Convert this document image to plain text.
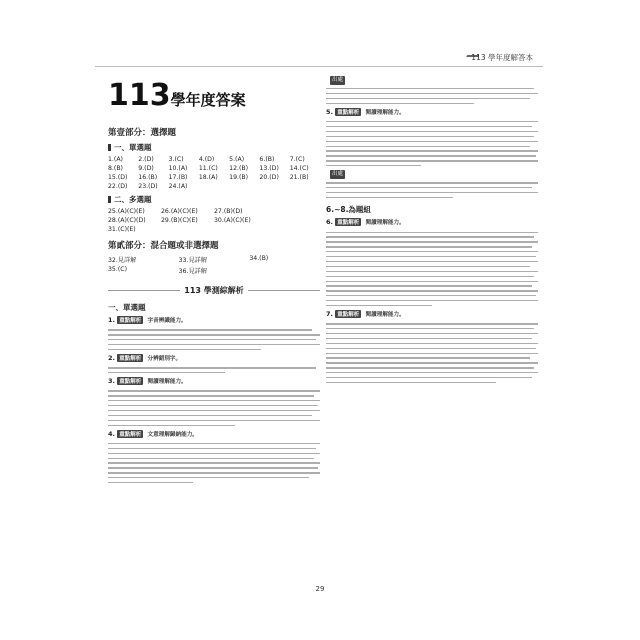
113 學年度解答本
113學年度答案
第壹部分：選擇題
一、單選題
1.(A)	2.(D)	3.(C)	4.(D)	5.(A)	6.(B)	7.(C)
8.(B)	9.(D)	10.(A)	11.(C)	12.(B)	13.(D)	14.(C)
15.(D)	16.(B)	17.(B)	18.(A)	19.(B)	20.(D)	21.(B)
22.(D)	23.(D)	24.(A)
二、多選題
25.(A)(C)(E)	26.(A)(C)(E)	27.(B)(D)
28.(A)(C)(D)	29.(B)(C)(E)	30.(A)(C)(E)
31.(C)(E)
第貳部分：混合題或非選擇題
32.見詳解	33.見詳解	34.(B)
35.(C)	36.見詳解
113 學測綜解析
一、單選題
1. 重點解析 字音辨識能力。
2. 重點解析 分辨錯別字。
3. 重點解析 閱讀理解能力。
4. 重點解析 文意理解歸納能力。
出處
5. 重點解析 閱讀理解能力。
出處
6.∼8.為題組
6. 重點解析 閱讀理解能力。
7. 重點解析 閱讀理解能力。
29
